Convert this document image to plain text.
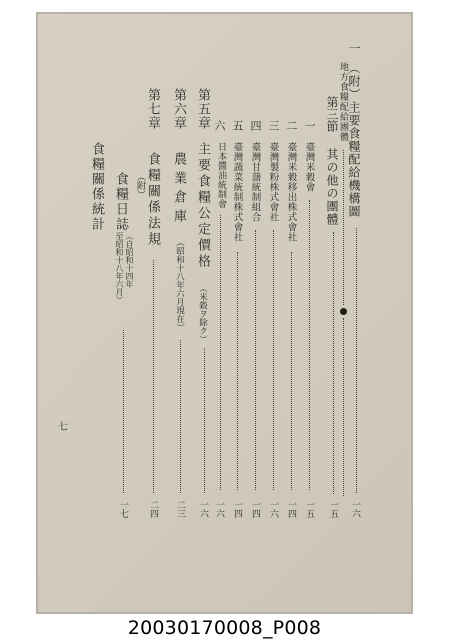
一
（附）主要食糧配給機構圖
一六
地方食糧配給團體
第三節
其の他の團體
一五
一
臺灣米穀會
一五
二
臺灣米穀移出株式會社
一四
三
臺灣製粉株式會社
一六
四
臺灣甘藷統制組合
一四
五
臺灣蔬菜統制株式會社
一四
六
日本醬油統制會
一六
第五章
主要食糧公定價格
（米穀ヲ除ク）
一六
第六章
農業倉庫
（昭和十八年六月現在）
二三
第七章
食糧關係法規
二四
（附）
食糧日誌
（自昭和十四年
至昭和十八年六月）
一七
食糧關係統計
七
20030170008_P008
